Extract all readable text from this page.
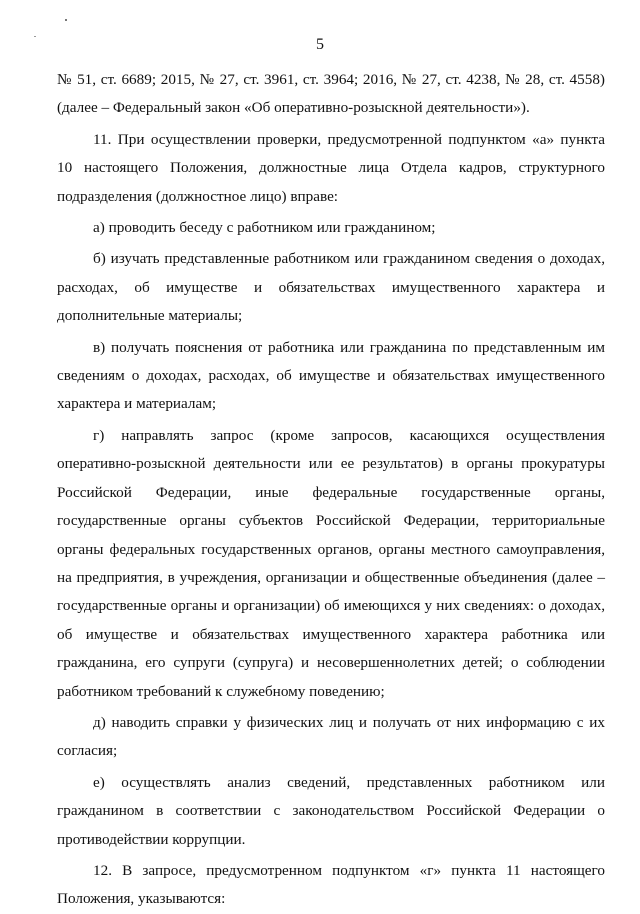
5

№ 51, ст. 6689; 2015, № 27, ст. 3961, ст. 3964; 2016, № 27, ст. 4238, № 28, ст. 4558) (далее – Федеральный закон «Об оперативно-розыскной деятельности»).

11. При осуществлении проверки, предусмотренной подпунктом «а» пункта 10 настоящего Положения, должностные лица Отдела кадров, структурного подразделения (должностное лицо) вправе:

а) проводить беседу с работником или гражданином;

б) изучать представленные работником или гражданином сведения о доходах, расходах, об имуществе и обязательствах имущественного характера и дополнительные материалы;

в) получать пояснения от работника или гражданина по представленным им сведениям о доходах, расходах, об имуществе и обязательствах имущественного характера и материалам;

г) направлять запрос (кроме запросов, касающихся осуществления оперативно-розыскной деятельности или ее результатов) в органы прокуратуры Российской Федерации, иные федеральные государственные органы, государственные органы субъектов Российской Федерации, территориальные органы федеральных государственных органов, органы местного самоуправления, на предприятия, в учреждения, организации и общественные объединения (далее – государственные органы и организации) об имеющихся у них сведениях: о доходах, об имуществе и обязательствах имущественного характера работника или гражданина, его супруги (супруга) и несовершеннолетних детей; о соблюдении работником требований к служебному поведению;

д) наводить справки у физических лиц и получать от них информацию с их согласия;

е) осуществлять анализ сведений, представленных работником или гражданином в соответствии с законодательством Российской Федерации о противодействии коррупции.

12. В запросе, предусмотренном подпунктом «г» пункта 11 настоящего Положения, указываются:
